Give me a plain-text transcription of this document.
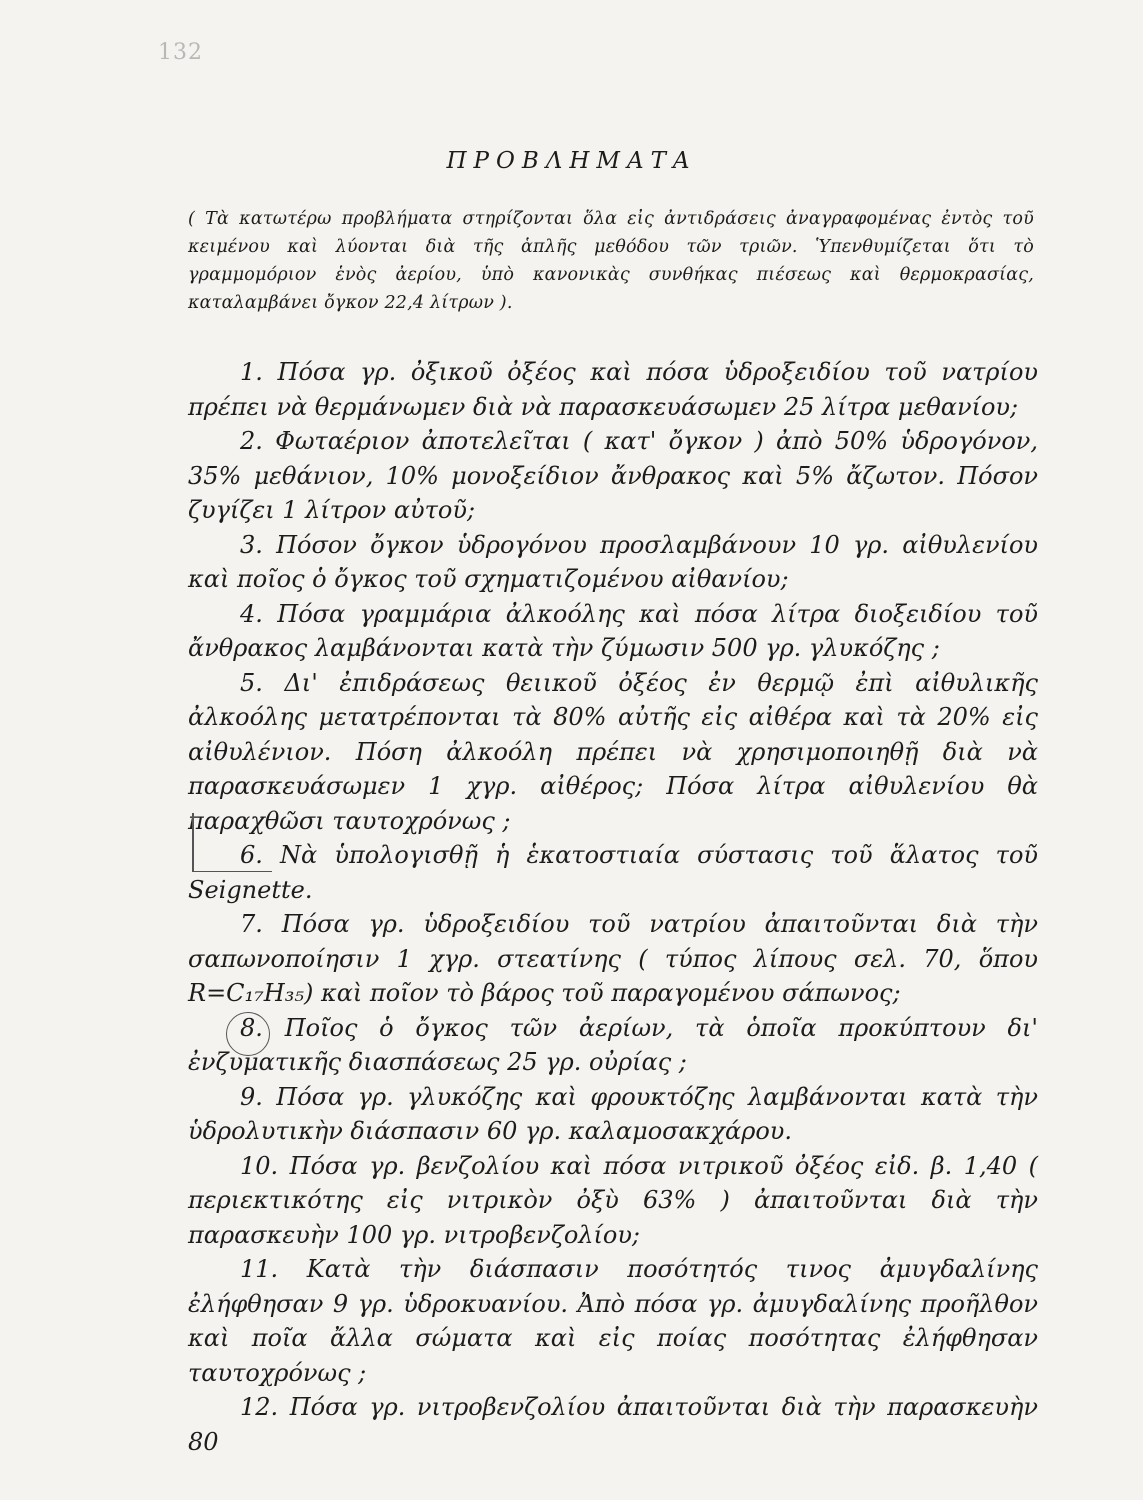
132
ΠΡΟΒΛΗΜΑΤΑ
( Τὰ κατωτέρω προβλήματα στηρίζονται ὅλα εἰς ἀντιδράσεις ἀναγραφομένας ἐντὸς τοῦ κειμένου καὶ λύονται διὰ τῆς ἁπλῆς μεθόδου τῶν τριῶν. Ὑπενθυμίζεται ὅτι τὸ γραμμομόριον ἑνὸς ἀερίου, ὑπὸ κανονικὰς συνθήκας πιέσεως καὶ θερμοκρασίας, καταλαμβάνει ὄγκον 22,4 λίτρων ).

1. Πόσα γρ. ὀξικοῦ ὀξέος καὶ πόσα ὑδροξειδίου τοῦ νατρίου πρέπει νὰ θερμάνωμεν διὰ νὰ παρασκευάσωμεν 25 λίτρα μεθανίου;

2. Φωταέριον ἀποτελεῖται ( κατ' ὄγκον ) ἀπὸ 50% ὑδρογόνον, 35% μεθάνιον, 10% μονοξείδιον ἄνθρακος καὶ 5% ἄζωτον. Πόσον ζυγίζει 1 λίτρον αὐτοῦ;

3. Πόσον ὄγκον ὑδρογόνου προσλαμβάνουν 10 γρ. αἰθυλενίου καὶ ποῖος ὁ ὄγκος τοῦ σχηματιζομένου αἰθανίου;

4. Πόσα γραμμάρια ἀλκοόλης καὶ πόσα λίτρα διοξειδίου τοῦ ἄνθρακος λαμβάνονται κατὰ τὴν ζύμωσιν 500 γρ. γλυκόζης ;

5. Δι' ἐπιδράσεως θειικοῦ ὀξέος ἐν θερμῷ ἐπὶ αἰθυλικῆς ἀλκοόλης μετατρέπονται τὰ 80% αὐτῆς εἰς αἰθέρα καὶ τὰ 20% εἰς αἰθυλένιον. Πόση ἀλκοόλη πρέπει νὰ χρησιμοποιηθῇ διὰ νὰ παρασκευάσωμεν 1 χγρ. αἰθέρος; Πόσα λίτρα αἰθυλενίου θὰ παραχθῶσι ταυτοχρόνως ;

6. Νὰ ὑπολογισθῇ ἡ ἑκατοστιαία σύστασις τοῦ ἅλατος τοῦ Seignette.

7. Πόσα γρ. ὑδροξειδίου τοῦ νατρίου ἀπαιτοῦνται διὰ τὴν σαπωνοποίησιν 1 χγρ. στεατίνης ( τύπος λίπους σελ. 70, ὅπου R=C₁₇H₃₅) καὶ ποῖον τὸ βάρος τοῦ παραγομένου σάπωνος;

8. Ποῖος ὁ ὄγκος τῶν ἀερίων, τὰ ὁποῖα προκύπτουν δι' ἐνζυματικῆς διασπάσεως 25 γρ. οὐρίας ;

9. Πόσα γρ. γλυκόζης καὶ φρουκτόζης λαμβάνονται κατὰ τὴν ὑδρολυτικὴν διάσπασιν 60 γρ. καλαμοσακχάρου.

10. Πόσα γρ. βενζολίου καὶ πόσα νιτρικοῦ ὀξέος εἰδ. β. 1,40 ( περιεκτικότης εἰς νιτρικὸν ὀξὺ 63% ) ἀπαιτοῦνται διὰ τὴν παρασκευὴν 100 γρ. νιτροβενζολίου;

11. Κατὰ τὴν διάσπασιν ποσότητός τινος ἀμυγδαλίνης ἐλήφθησαν 9 γρ. ὑδροκυανίου. Ἀπὸ πόσα γρ. ἀμυγδαλίνης προῆλθον καὶ ποῖα ἄλλα σώματα καὶ εἰς ποίας ποσότητας ἐλήφθησαν ταυτοχρόνως ;

12. Πόσα γρ. νιτροβενζολίου ἀπαιτοῦνται διὰ τὴν παρασκευὴν 80
